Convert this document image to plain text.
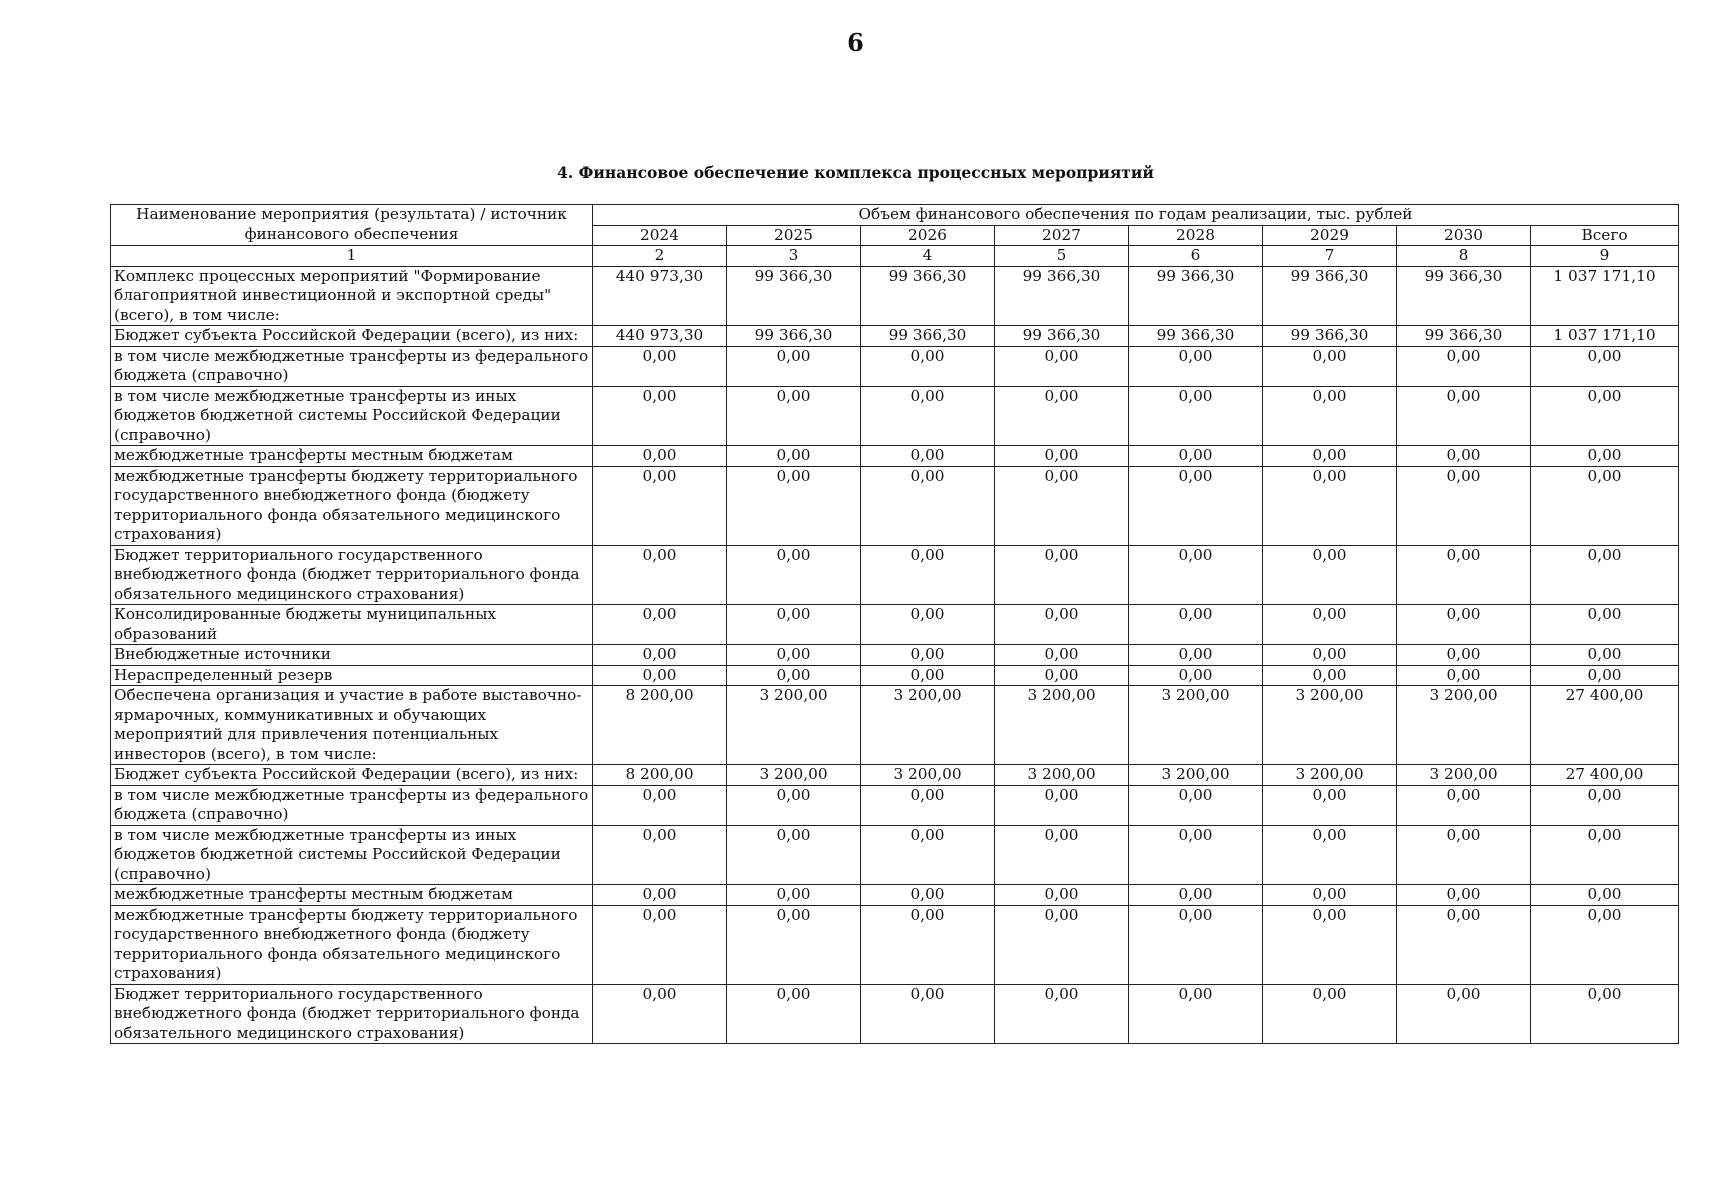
6
4. Финансовое обеспечение комплекса процессных мероприятий
Наименование мероприятия (результата) / источник финансового обеспечения	Объем финансового обеспечения по годам реализации, тыс. рублей							
	2024	2025	2026	2027	2028	2029	2030	Всего
1	2	3	4	5	6	7	8	9
Комплекс процессных мероприятий "Формирование благоприятной инвестиционной и экспортной среды" (всего), в том числе:	440 973,30	99 366,30	99 366,30	99 366,30	99 366,30	99 366,30	99 366,30	1 037 171,10
Бюджет субъекта Российской Федерации (всего), из них:	440 973,30	99 366,30	99 366,30	99 366,30	99 366,30	99 366,30	99 366,30	1 037 171,10
в том числе межбюджетные трансферты из федерального бюджета (справочно)	0,00	0,00	0,00	0,00	0,00	0,00	0,00	0,00
в том числе межбюджетные трансферты из иных бюджетов бюджетной системы Российской Федерации (справочно)	0,00	0,00	0,00	0,00	0,00	0,00	0,00	0,00
межбюджетные трансферты местным бюджетам	0,00	0,00	0,00	0,00	0,00	0,00	0,00	0,00
межбюджетные трансферты бюджету территориального государственного внебюджетного фонда (бюджету территориального фонда обязательного медицинского страхования)	0,00	0,00	0,00	0,00	0,00	0,00	0,00	0,00
Бюджет территориального государственного внебюджетного фонда (бюджет территориального фонда обязательного медицинского страхования)	0,00	0,00	0,00	0,00	0,00	0,00	0,00	0,00
Консолидированные бюджеты муниципальных образований	0,00	0,00	0,00	0,00	0,00	0,00	0,00	0,00
Внебюджетные источники	0,00	0,00	0,00	0,00	0,00	0,00	0,00	0,00
Нераспределенный резерв	0,00	0,00	0,00	0,00	0,00	0,00	0,00	0,00
Обеспечена организация и участие в работе выставочно-ярмарочных, коммуникативных и обучающих мероприятий для привлечения потенциальных инвесторов (всего), в том числе:	8 200,00	3 200,00	3 200,00	3 200,00	3 200,00	3 200,00	3 200,00	27 400,00
Бюджет субъекта Российской Федерации (всего), из них:	8 200,00	3 200,00	3 200,00	3 200,00	3 200,00	3 200,00	3 200,00	27 400,00
в том числе межбюджетные трансферты из федерального бюджета (справочно)	0,00	0,00	0,00	0,00	0,00	0,00	0,00	0,00
в том числе межбюджетные трансферты из иных бюджетов бюджетной системы Российской Федерации (справочно)	0,00	0,00	0,00	0,00	0,00	0,00	0,00	0,00
межбюджетные трансферты местным бюджетам	0,00	0,00	0,00	0,00	0,00	0,00	0,00	0,00
межбюджетные трансферты бюджету территориального государственного внебюджетного фонда (бюджету территориального фонда обязательного медицинского страхования)	0,00	0,00	0,00	0,00	0,00	0,00	0,00	0,00
Бюджет территориального государственного внебюджетного фонда (бюджет территориального фонда обязательного медицинского страхования)	0,00	0,00	0,00	0,00	0,00	0,00	0,00	0,00
